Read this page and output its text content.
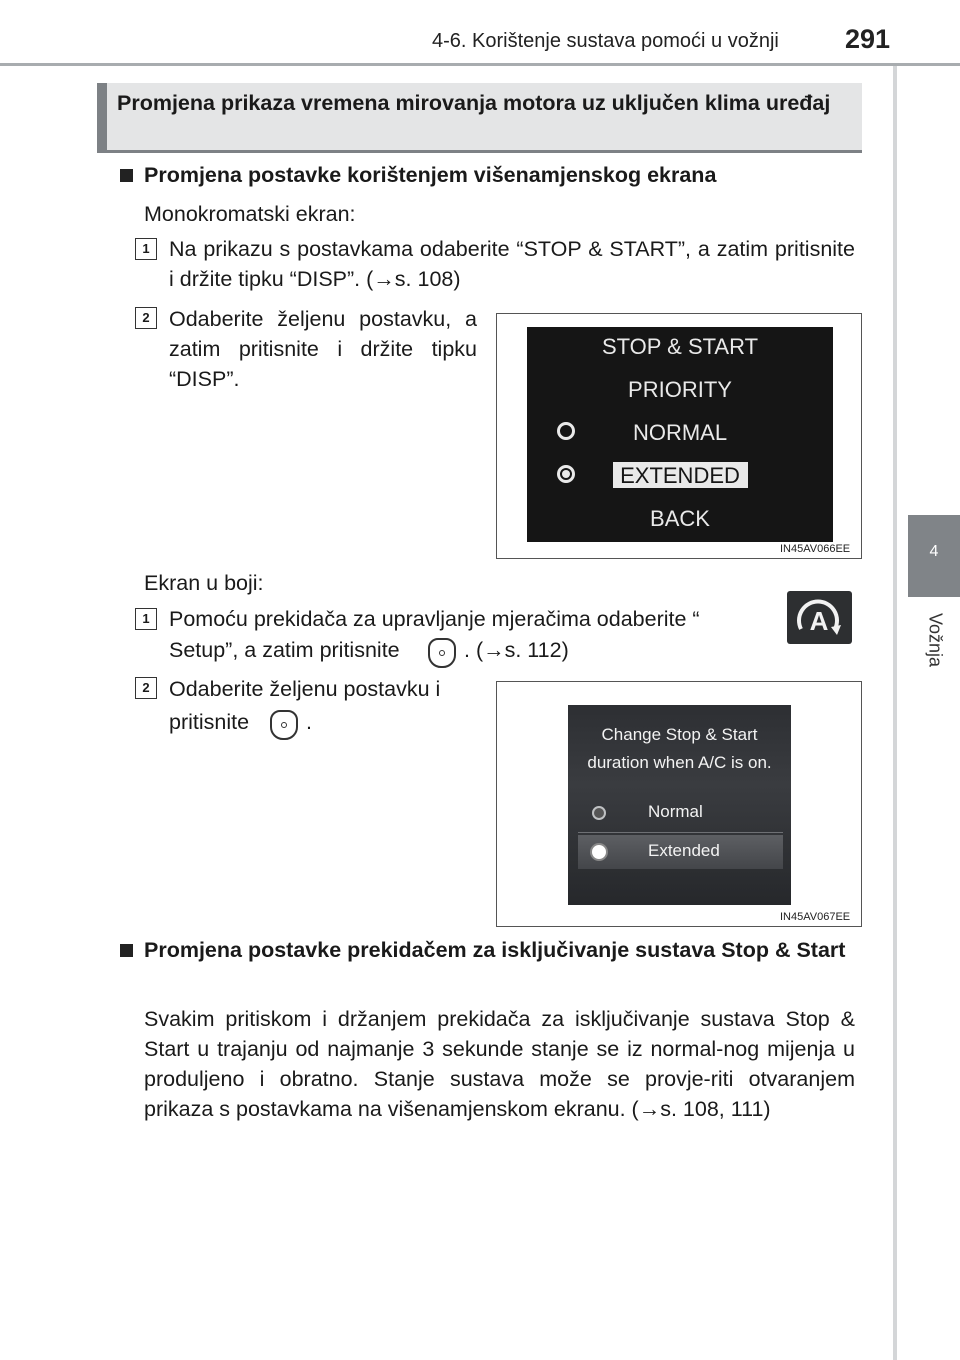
4-6. Korištenje sustava pomoći u vožnji 291
4
Vožnja
Promjena prikaza vremena mirovanja motora uz uključen klima uređaj
Promjena postavke korištenjem višenamjenskog ekrana
Monokromatski ekran:
1 Na prikazu s postavkama odaberite “STOP & START”, a zatim pritisnite i držite tipku “DISP”. (→s. 108)
2 Odaberite željenu postavku, a zatim pritisnite i držite tipku “DISP”.
STOP & START
PRIORITY
NORMAL
EXTENDED
BACK
IN45AV066EE
Ekran u boji:
1 Pomoću prekidača za upravljanje mjeračima odaberite “	A
Setup”, a zatim pritisnite	. (→s. 112)
2 Odaberite željenu postavku i
pritisnite	.
Change Stop & Start
duration when A/C is on.
Normal
Extended
IN45AV067EE
Promjena postavke prekidačem za isključivanje sustava Stop & Start
Svakim pritiskom i držanjem prekidača za isključivanje sustava Stop & Start u trajanju od najmanje 3 sekunde stanje se iz normal-nog mijenja u produljeno i obratno. Stanje sustava može se provje-riti otvaranjem prikaza s postavkama na višenamjenskom ekranu. (→s. 108, 111)
